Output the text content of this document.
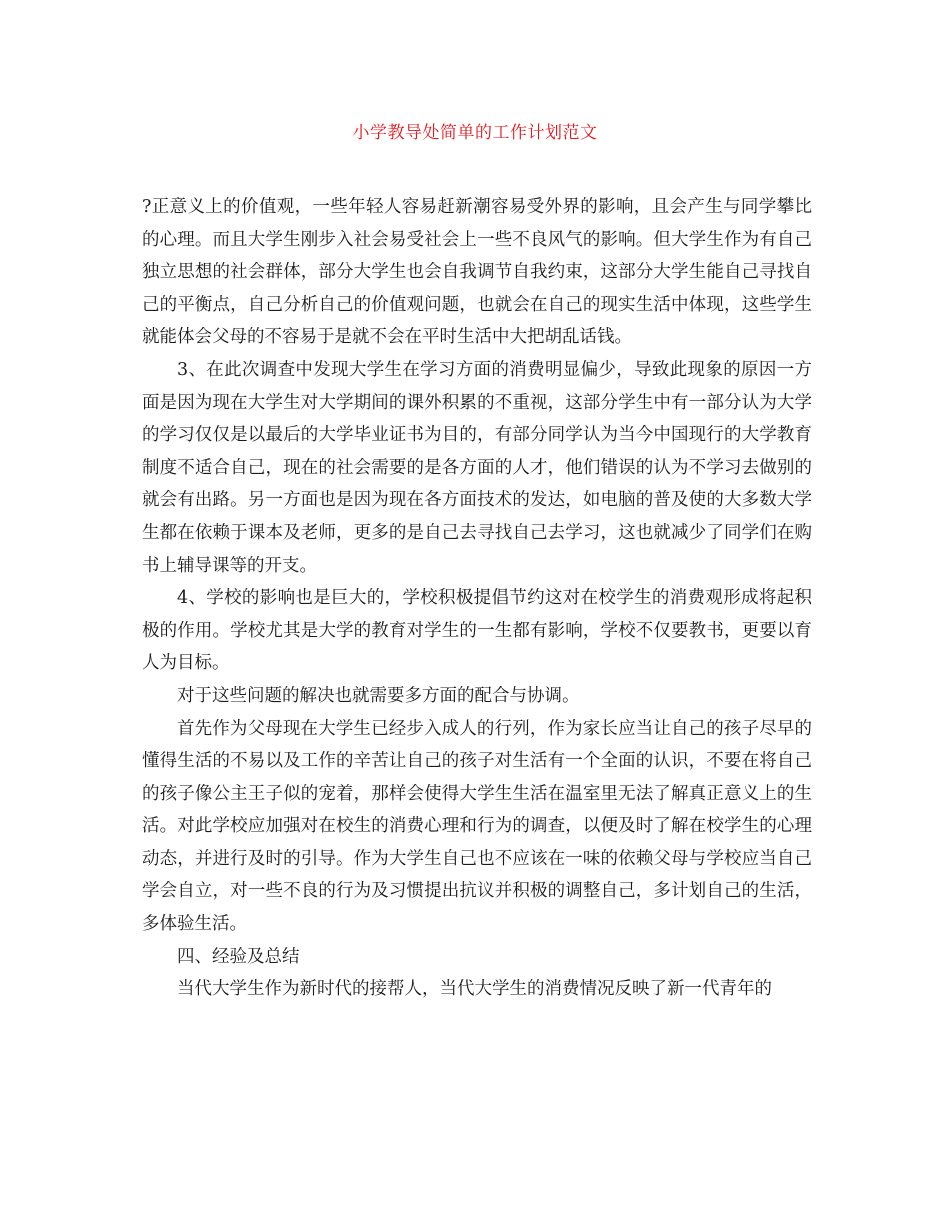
小学教导处简单的工作计划范文

?正意义上的价值观，一些年轻人容易赶新潮容易受外界的影响，且会产生与同学攀比的心理。而且大学生刚步入社会易受社会上一些不良风气的影响。但大学生作为有自己独立思想的社会群体，部分大学生也会自我调节自我约束，这部分大学生能自己寻找自己的平衡点，自己分析自己的价值观问题，也就会在自己的现实生活中体现，这些学生就能体会父母的不容易于是就不会在平时生活中大把胡乱话钱。

3、在此次调查中发现大学生在学习方面的消费明显偏少，导致此现象的原因一方面是因为现在大学生对大学期间的课外积累的不重视，这部分学生中有一部分认为大学的学习仅仅是以最后的大学毕业证书为目的，有部分同学认为当今中国现行的大学教育制度不适合自己，现在的社会需要的是各方面的人才，他们错误的认为不学习去做别的就会有出路。另一方面也是因为现在各方面技术的发达，如电脑的普及使的大多数大学生都在依赖于课本及老师，更多的是自己去寻找自己去学习，这也就减少了同学们在购书上辅导课等的开支。

4、学校的影响也是巨大的，学校积极提倡节约这对在校学生的消费观形成将起积极的作用。学校尤其是大学的教育对学生的一生都有影响，学校不仅要教书，更要以育人为目标。

对于这些问题的解决也就需要多方面的配合与协调。

首先作为父母现在大学生已经步入成人的行列，作为家长应当让自己的孩子尽早的懂得生活的不易以及工作的辛苦让自己的孩子对生活有一个全面的认识，不要在将自己的孩子像公主王子似的宠着，那样会使得大学生生活在温室里无法了解真正意义上的生活。对此学校应加强对在校生的消费心理和行为的调查，以便及时了解在校学生的心理动态，并进行及时的引导。作为大学生自己也不应该在一味的依赖父母与学校应当自己学会自立，对一些不良的行为及习惯提出抗议并积极的调整自己，多计划自己的生活，多体验生活。

四、经验及总结

当代大学生作为新时代的接帮人，当代大学生的消费情况反映了新一代青年的
